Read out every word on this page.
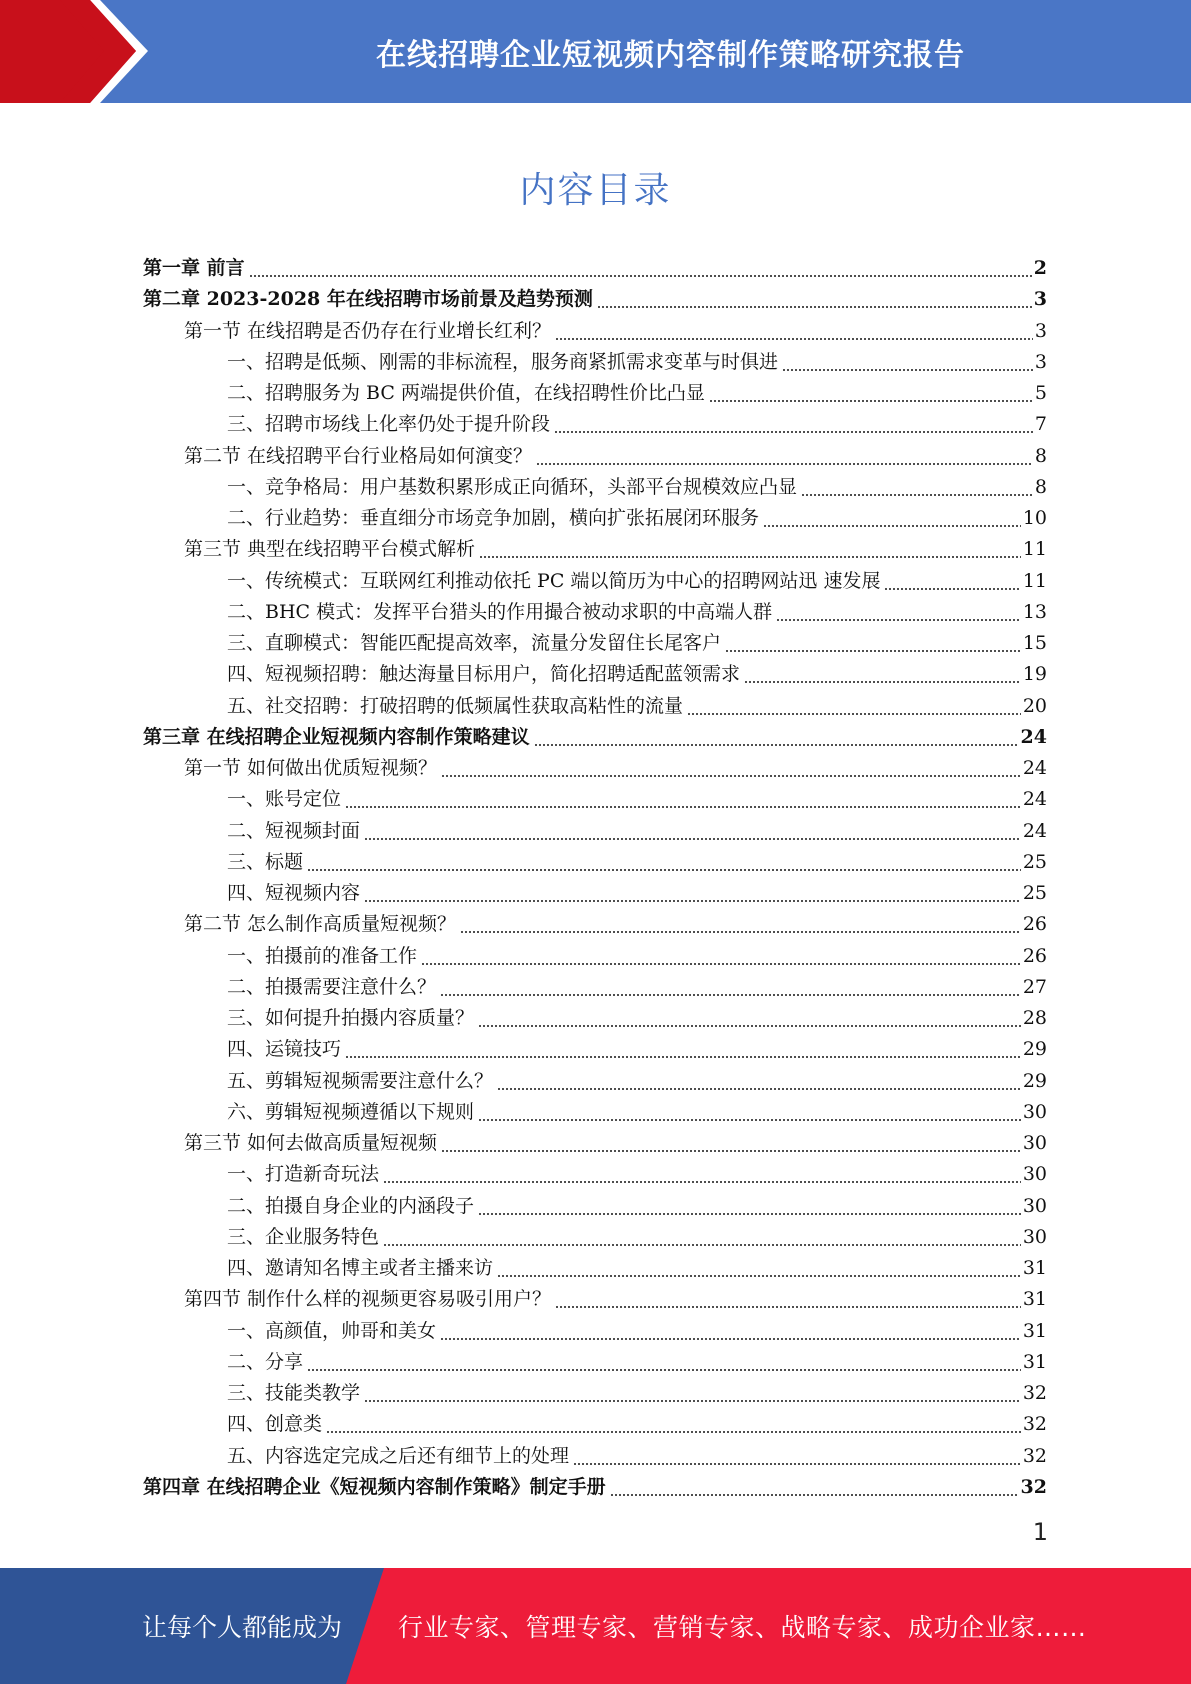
在线招聘企业短视频内容制作策略研究报告
内容目录
第一章 前言	2
第二章 2023-2028 年在线招聘市场前景及趋势预测	3
第一节 在线招聘是否仍存在行业增长红利？	3
一、招聘是低频、刚需的非标流程，服务商紧抓需求变革与时俱进	3
二、招聘服务为 BC 两端提供价值，在线招聘性价比凸显	5
三、招聘市场线上化率仍处于提升阶段	7
第二节 在线招聘平台行业格局如何演变？	8
一、竞争格局：用户基数积累形成正向循环，头部平台规模效应凸显	8
二、行业趋势：垂直细分市场竞争加剧，横向扩张拓展闭环服务	10
第三节 典型在线招聘平台模式解析	11
一、传统模式：互联网红利推动依托 PC 端以简历为中心的招聘网站迅 速发展	11
二、BHC 模式：发挥平台猎头的作用撮合被动求职的中高端人群	13
三、直聊模式：智能匹配提高效率，流量分发留住长尾客户	15
四、短视频招聘：触达海量目标用户，简化招聘适配蓝领需求	19
五、社交招聘：打破招聘的低频属性获取高粘性的流量	20
第三章 在线招聘企业短视频内容制作策略建议	24
第一节 如何做出优质短视频？	24
一、账号定位	24
二、短视频封面	24
三、标题	25
四、短视频内容	25
第二节 怎么制作高质量短视频？	26
一、拍摄前的准备工作	26
二、拍摄需要注意什么？	27
三、如何提升拍摄内容质量？	28
四、运镜技巧	29
五、剪辑短视频需要注意什么？	29
六、剪辑短视频遵循以下规则	30
第三节 如何去做高质量短视频	30
一、打造新奇玩法	30
二、拍摄自身企业的内涵段子	30
三、企业服务特色	30
四、邀请知名博主或者主播来访	31
第四节 制作什么样的视频更容易吸引用户？	31
一、高颜值，帅哥和美女	31
二、分享	31
三、技能类教学	32
四、创意类	32
五、内容选定完成之后还有细节上的处理	32
第四章 在线招聘企业《短视频内容制作策略》制定手册	32
1
让每个人都能成为 行业专家、管理专家、营销专家、战略专家、成功企业家……
